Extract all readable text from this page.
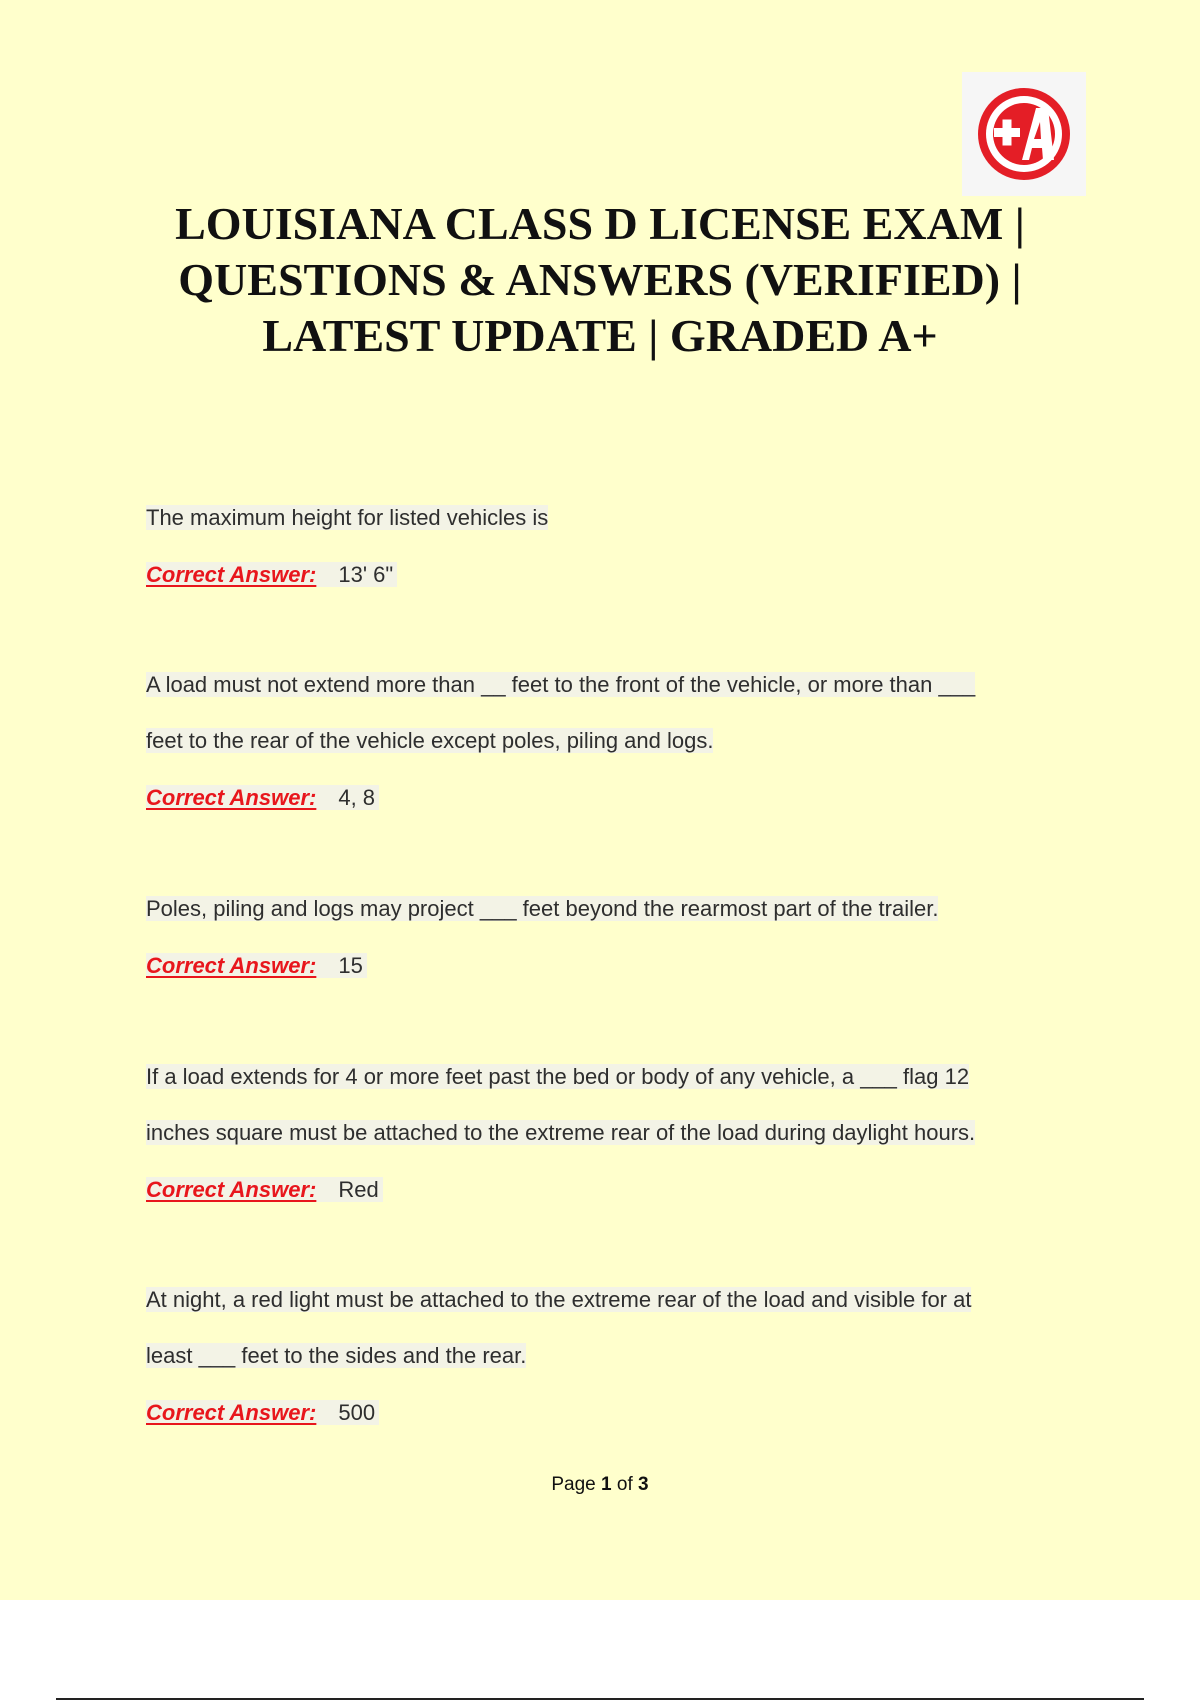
LOUISIANA CLASS D LICENSE EXAM |
QUESTIONS & ANSWERS (VERIFIED) |
LATEST UPDATE | GRADED A+
The maximum height for listed vehicles is
Correct Answer: 13' 6"
A load must not extend more than __ feet to the front of the vehicle, or more than ___
feet to the rear of the vehicle except poles, piling and logs.
Correct Answer: 4, 8
Poles, piling and logs may project ___ feet beyond the rearmost part of the trailer.
Correct Answer: 15
If a load extends for 4 or more feet past the bed or body of any vehicle, a ___ flag 12
inches square must be attached to the extreme rear of the load during daylight hours.
Correct Answer: Red
At night, a red light must be attached to the extreme rear of the load and visible for at
least ___ feet to the sides and the rear.
Correct Answer: 500
Page 1 of 3
